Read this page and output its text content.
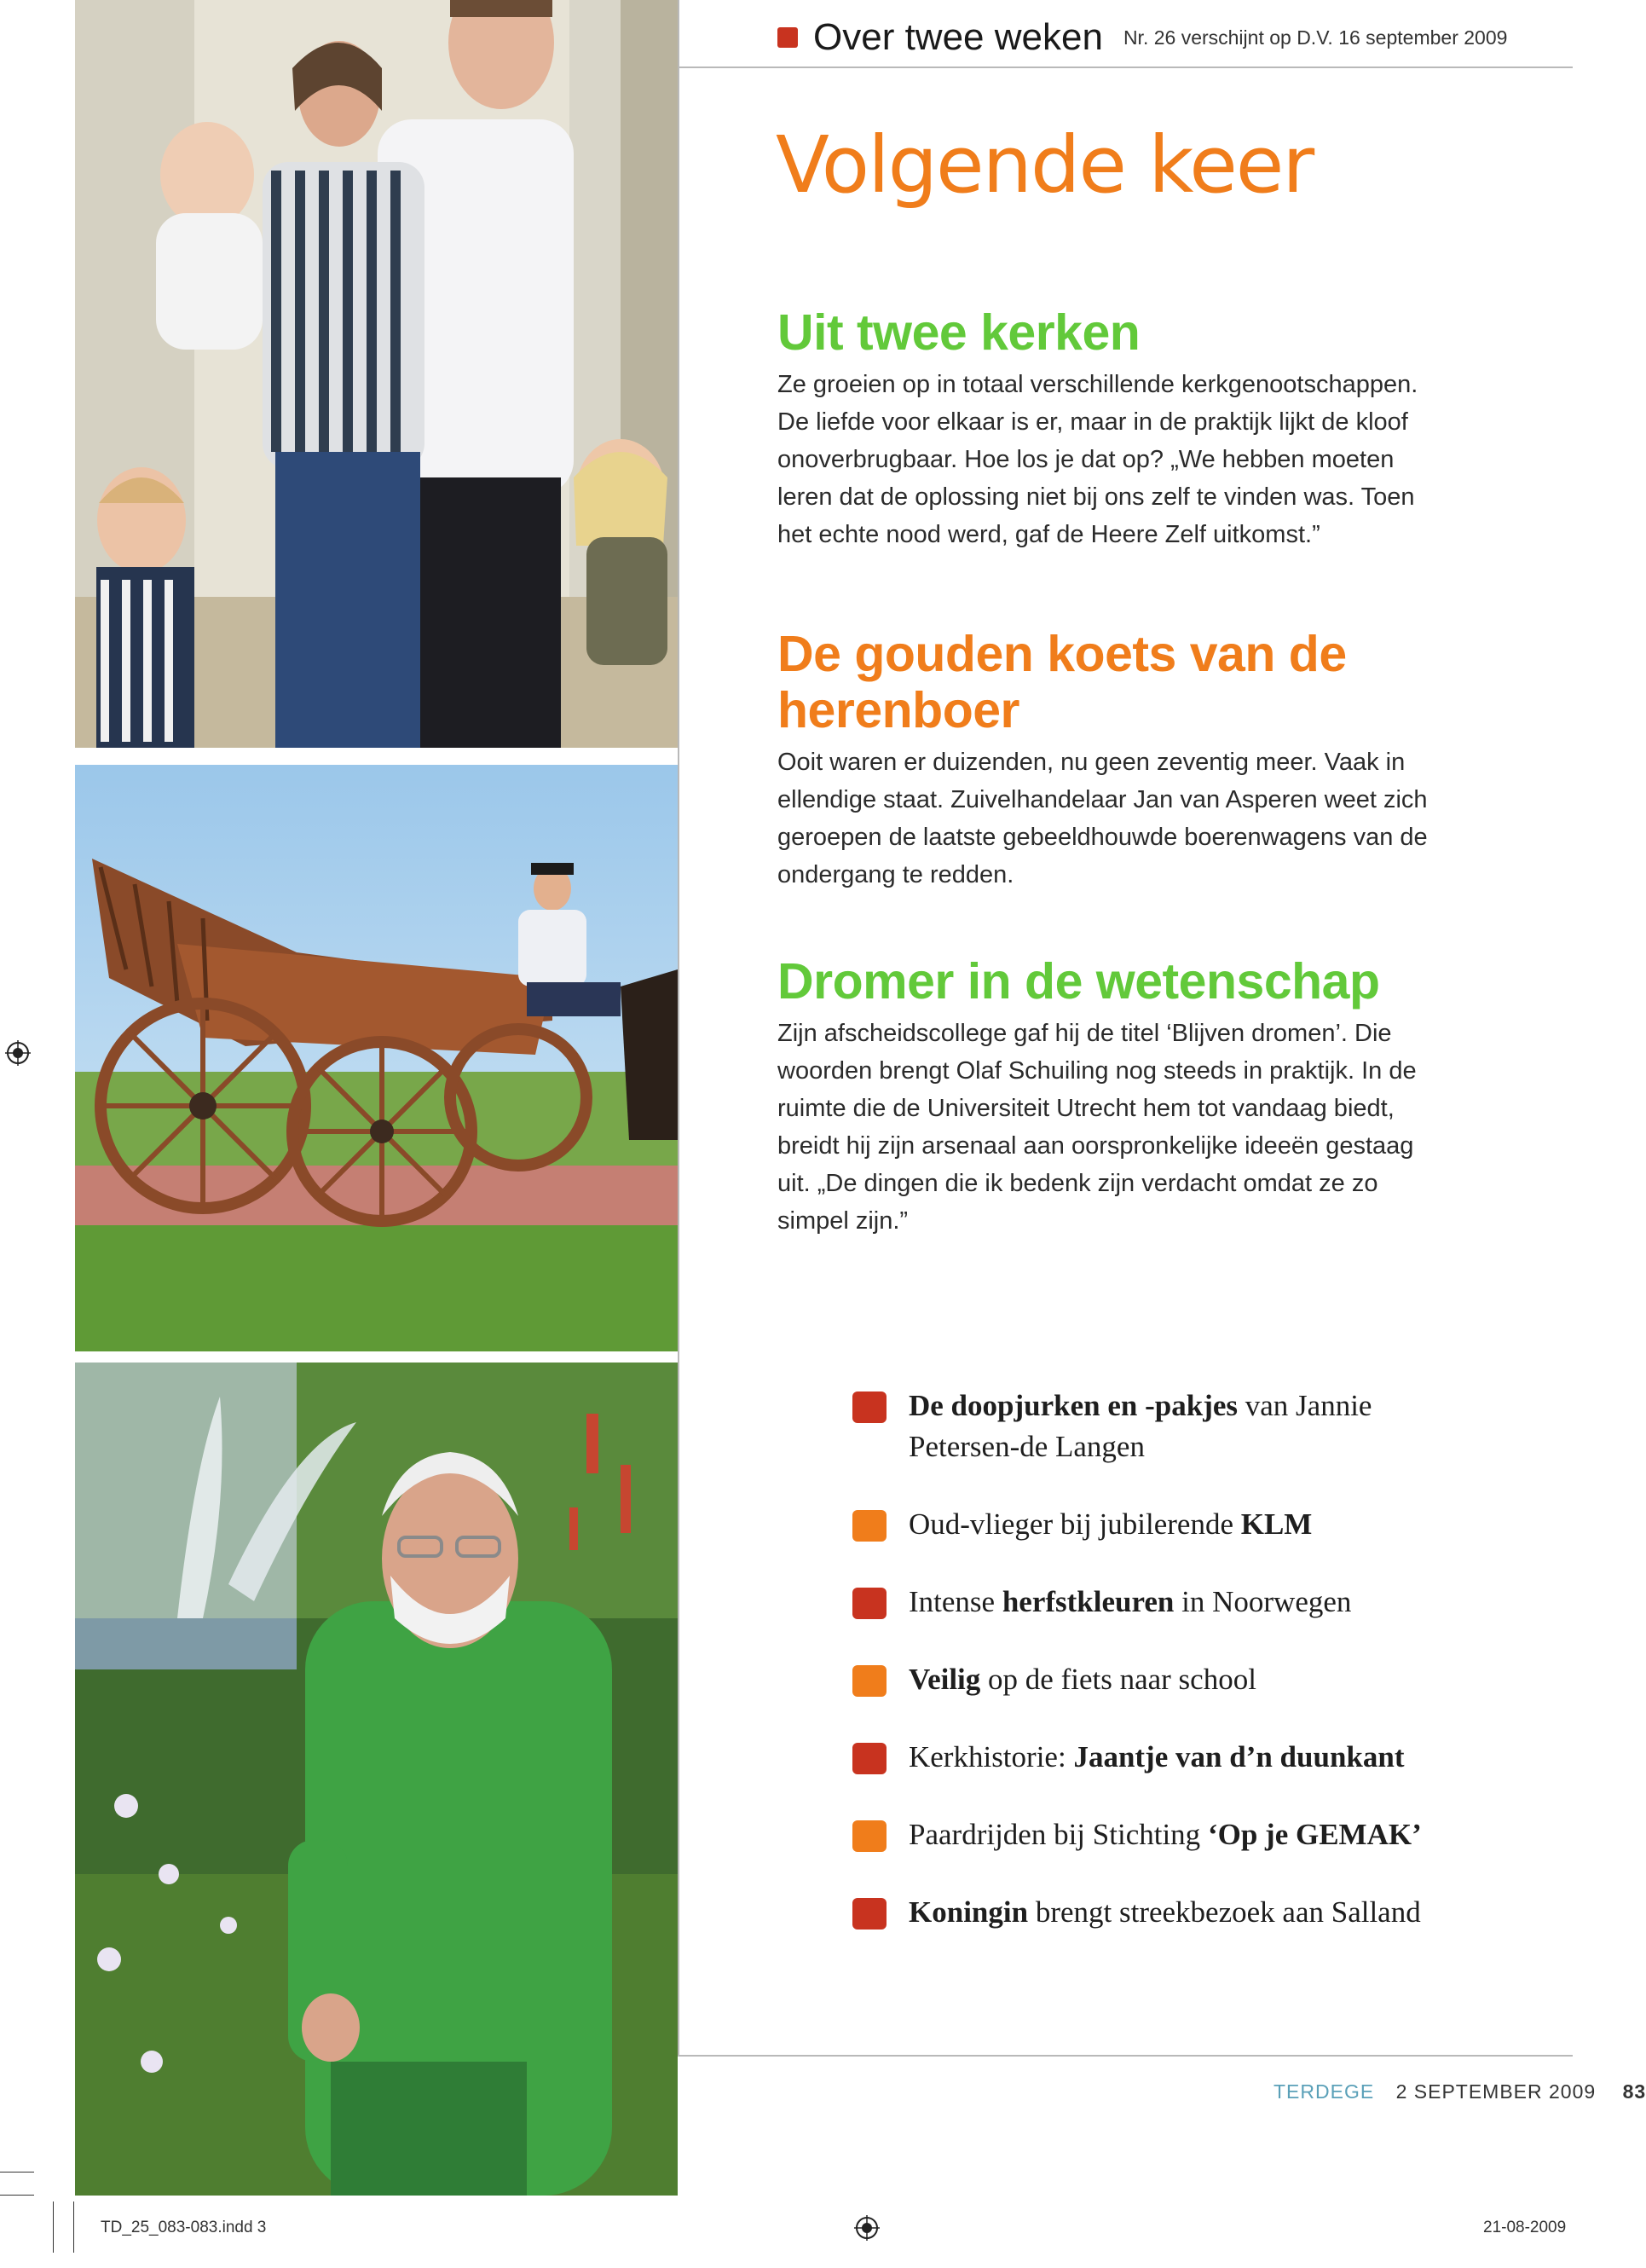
Over twee weken Nr. 26 verschijnt op D.V. 16 september 2009
Volgende keer
Uit twee kerken

Ze groeien op in totaal verschillende kerkgenootschappen.
De liefde voor elkaar is er, maar in de praktijk lijkt de kloof
onoverbrugbaar. Hoe los je dat op? „We hebben moeten
leren dat de oplossing niet bij ons zelf te vinden was. Toen
het echte nood werd, gaf de Heere Zelf uitkomst.”

De gouden koets van de
herenboer

Ooit waren er duizenden, nu geen zeventig meer. Vaak in
ellendige staat. Zuivelhandelaar Jan van Asperen weet zich
geroepen de laatste gebeeldhouwde boerenwagens van de
ondergang te redden.

Dromer in de wetenschap

Zijn afscheidscollege gaf hij de titel ‘Blijven dromen’. Die
woorden brengt Olaf Schuiling nog steeds in praktijk. In de
ruimte die de Universiteit Utrecht hem tot vandaag biedt,
breidt hij zijn arsenaal aan oorspronkelijke ideeën gestaag
uit. „De dingen die ik bedenk zijn verdacht omdat ze zo
simpel zijn.”

De doopjurken en -pakjes van Jannie
Petersen-de Langen
Oud-vlieger bij jubilerende KLM
Intense herfstkleuren in Noorwegen
Veilig op de fiets naar school
Kerkhistorie: Jaantje van d’n duunkant
Paardrijden bij Stichting ‘Op je GEMAK’
Koningin brengt streekbezoek aan Salland
TERDEGE 2 SEPTEMBER 2009 83
TD_25_083-083.indd 3	21-08-2009
